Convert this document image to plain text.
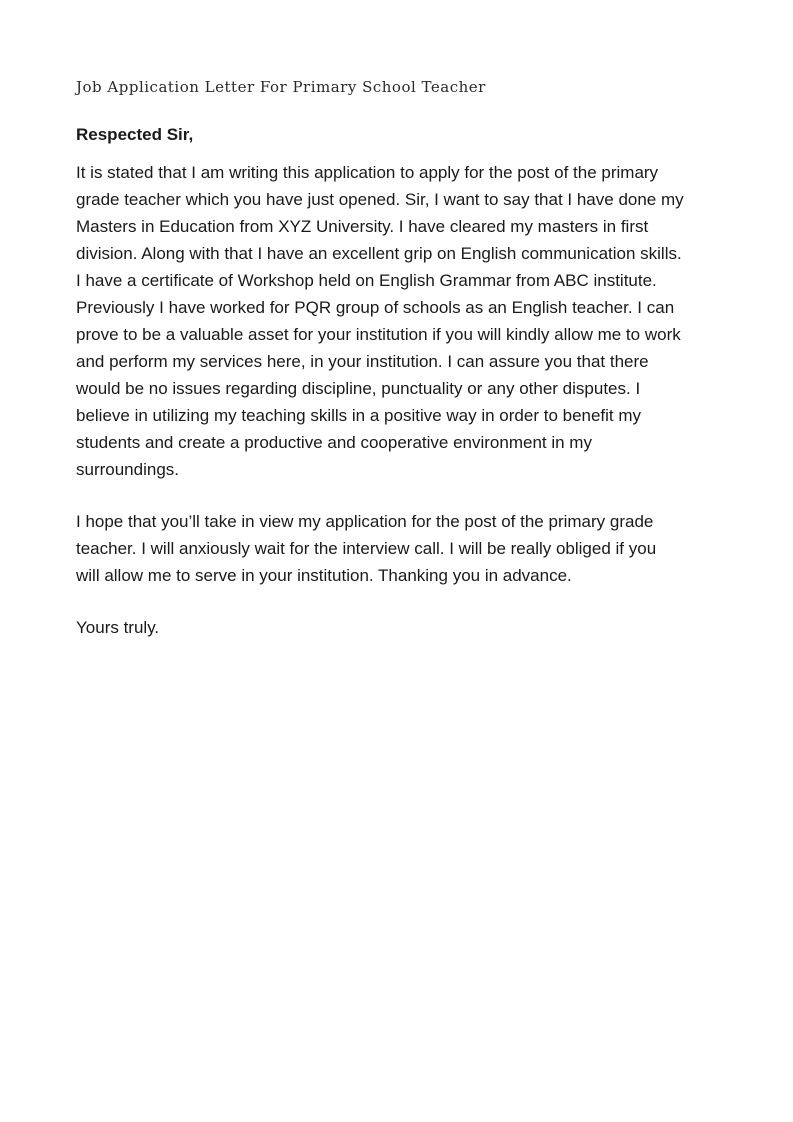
Job Application Letter For Primary School Teacher

Respected Sir,

It is stated that I am writing this application to apply for the post of the primary
grade teacher which you have just opened. Sir, I want to say that I have done my
Masters in Education from XYZ University. I have cleared my masters in first
division. Along with that I have an excellent grip on English communication skills.
I have a certificate of Workshop held on English Grammar from ABC institute.
Previously I have worked for PQR group of schools as an English teacher. I can
prove to be a valuable asset for your institution if you will kindly allow me to work
and perform my services here, in your institution. I can assure you that there
would be no issues regarding discipline, punctuality or any other disputes. I
believe in utilizing my teaching skills in a positive way in order to benefit my
students and create a productive and cooperative environment in my
surroundings.
I hope that you’ll take in view my application for the post of the primary grade
teacher. I will anxiously wait for the interview call. I will be really obliged if you
will allow me to serve in your institution. Thanking you in advance.
Yours truly.
